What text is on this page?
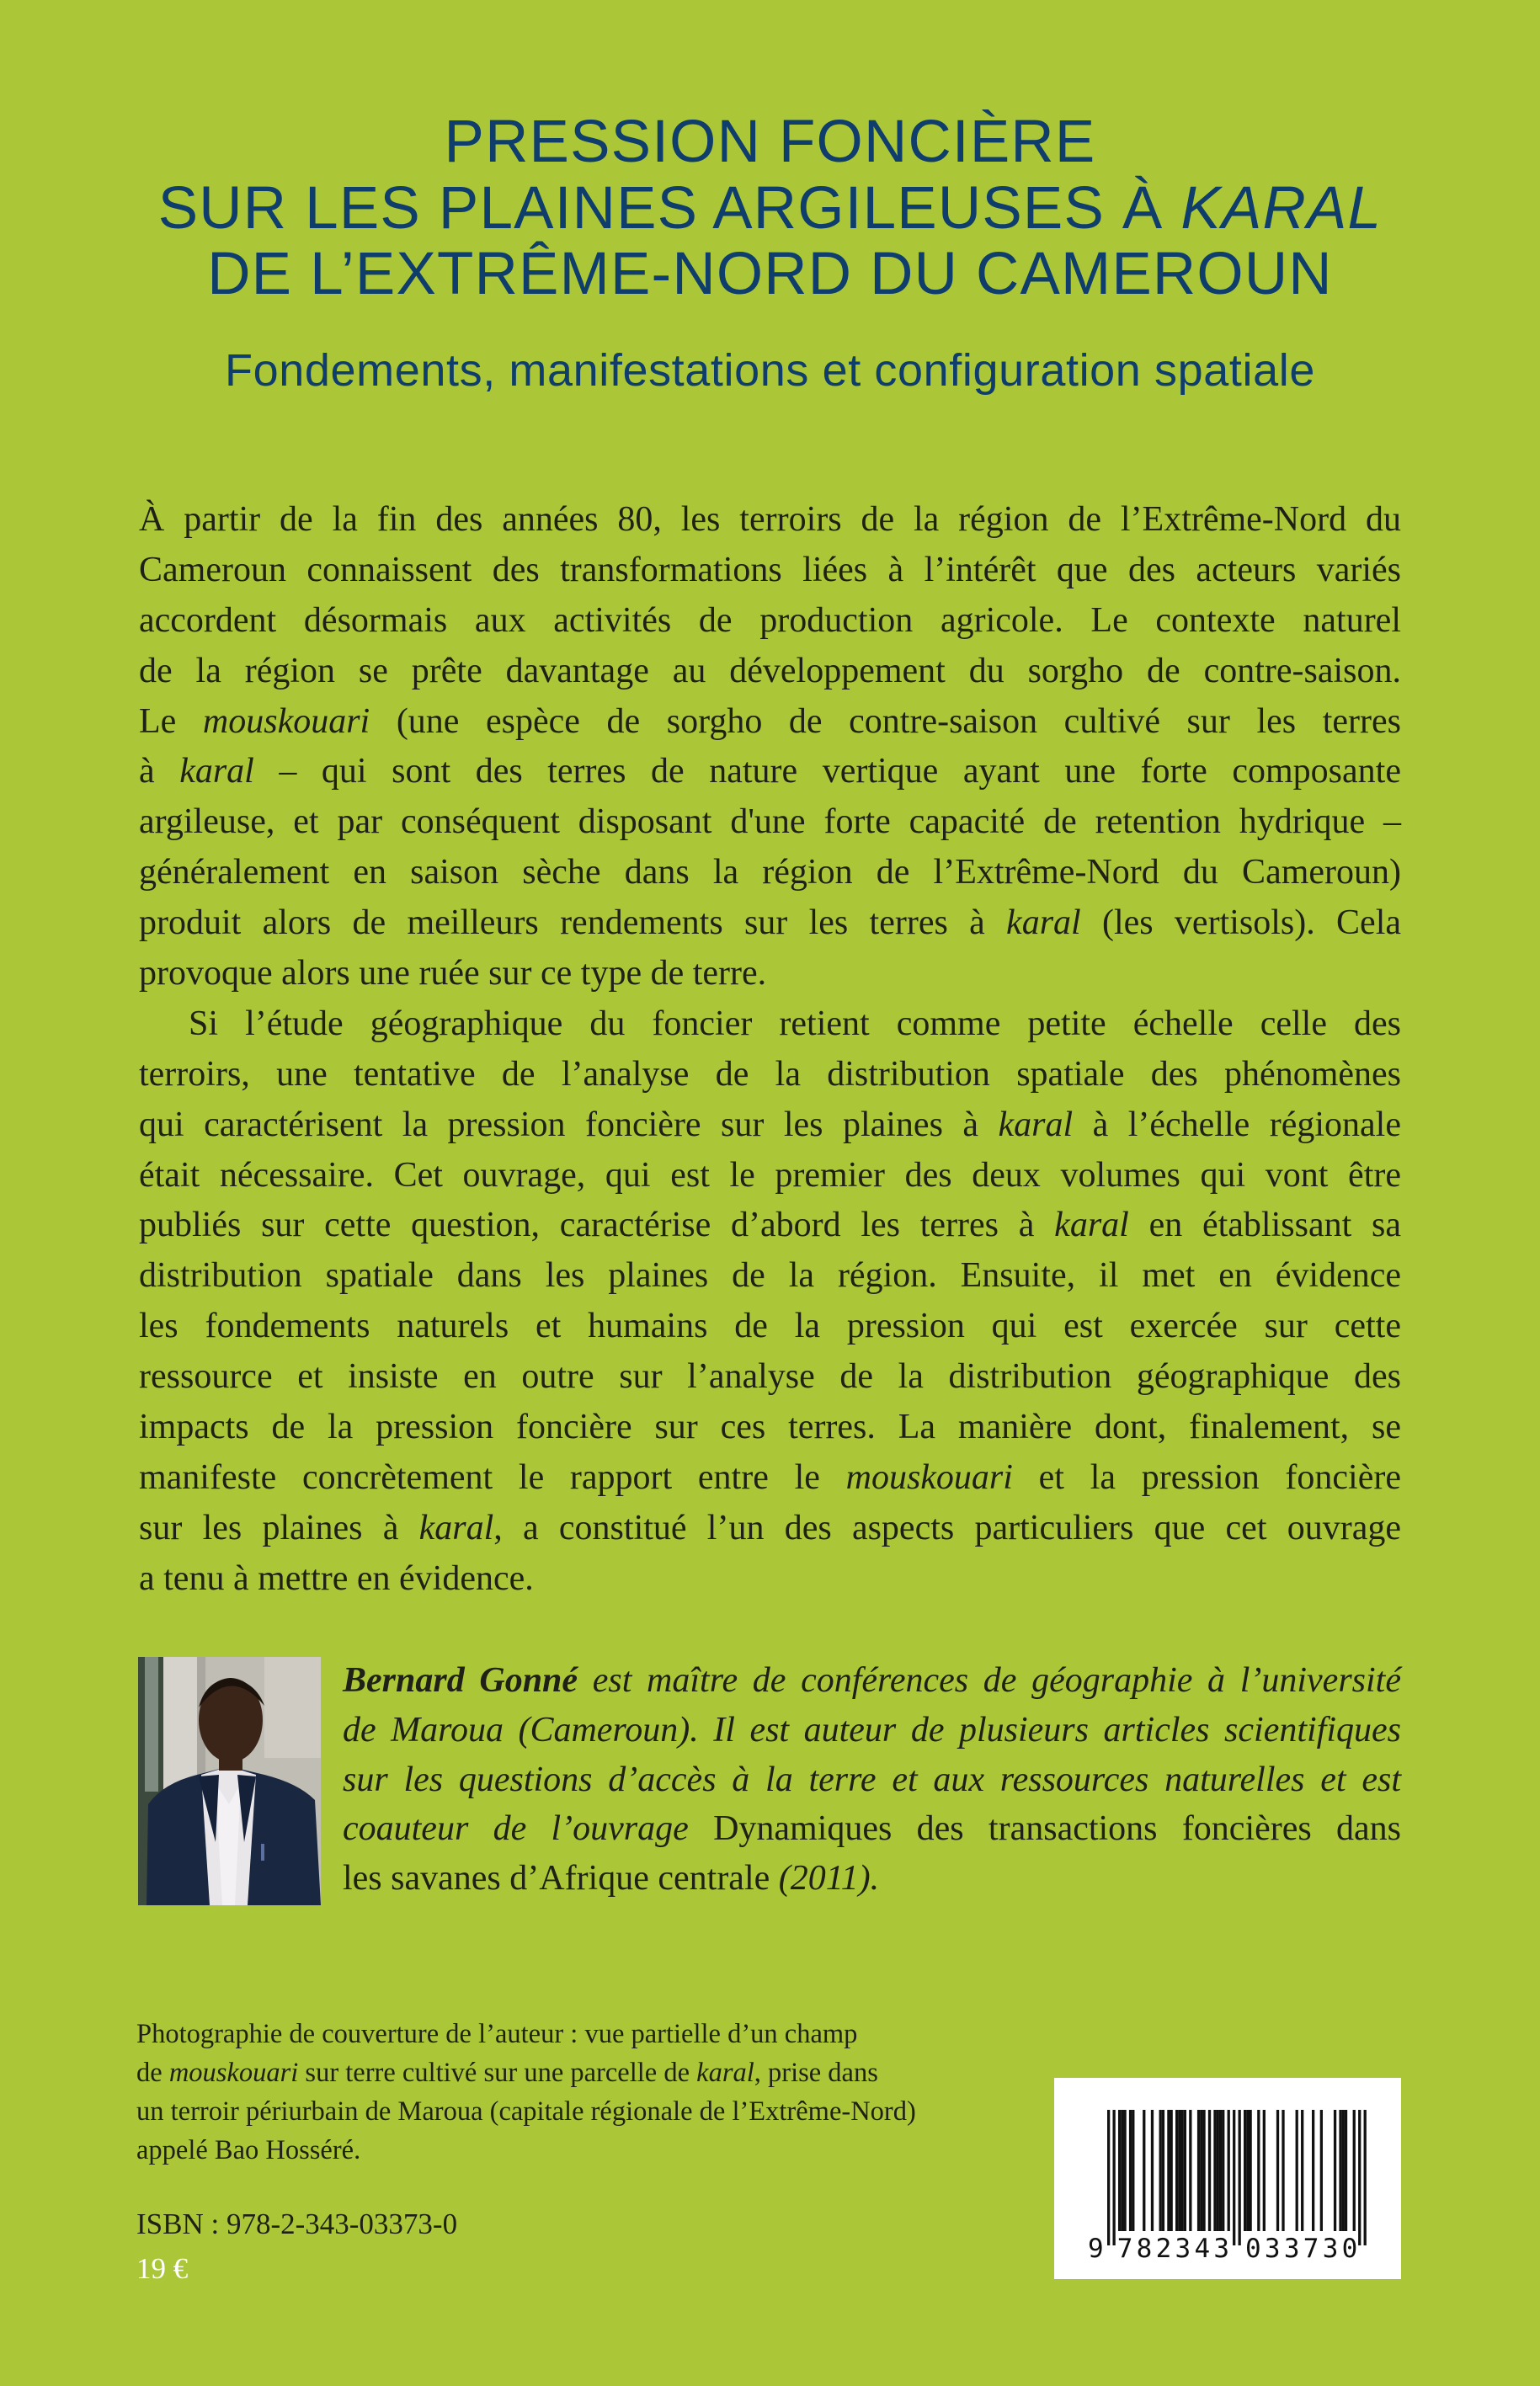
PRESSION FONCIÈRE
SUR LES PLAINES ARGILEUSES À KARAL
DE L’EXTRÊME-NORD DU CAMEROUN
Fondements, manifestations et configuration spatiale
À partir de la fin des années 80, les terroirs de la région de l’Extrême-Nord du
Cameroun connaissent des transformations liées à l’intérêt que des acteurs variés
accordent désormais aux activités de production agricole. Le contexte naturel
de la région se prête davantage au développement du sorgho de contre-saison.
Le mouskouari (une espèce de sorgho de contre-saison cultivé sur les terres
à karal – qui sont des terres de nature vertique ayant une forte composante
argileuse, et par conséquent disposant d'une forte capacité de retention hydrique –
généralement en saison sèche dans la région de l’Extrême-Nord du Cameroun)
produit alors de meilleurs rendements sur les terres à karal (les vertisols). Cela
provoque alors une ruée sur ce type de terre.
Si l’étude géographique du foncier retient comme petite échelle celle des
terroirs, une tentative de l’analyse de la distribution spatiale des phénomènes
qui caractérisent la pression foncière sur les plaines à karal à l’échelle régionale
était nécessaire. Cet ouvrage, qui est le premier des deux volumes qui vont être
publiés sur cette question, caractérise d’abord les terres à karal en établissant sa
distribution spatiale dans les plaines de la région. Ensuite, il met en évidence
les fondements naturels et humains de la pression qui est exercée sur cette
ressource et insiste en outre sur l’analyse de la distribution géographique des
impacts de la pression foncière sur ces terres. La manière dont, finalement, se
manifeste concrètement le rapport entre le mouskouari et la pression foncière
sur les plaines à karal, a constitué l’un des aspects particuliers que cet ouvrage
a tenu à mettre en évidence.
Bernard Gonné est maître de conférences de géographie à l’université
de Maroua (Cameroun). Il est auteur de plusieurs articles scientifiques
sur les questions d’accès à la terre et aux ressources naturelles et est
coauteur de l’ouvrage Dynamiques des transactions foncières dans
les savanes d’Afrique centrale (2011).
Photographie de couverture de l’auteur : vue partielle d’un champ
de mouskouari sur terre cultivé sur une parcelle de karal, prise dans
un terroir périurbain de Maroua (capitale régionale de l’Extrême-Nord)
appelé Bao Hosséré.
ISBN : 978-2-343-03373-0
19 €
9 782343 033730
